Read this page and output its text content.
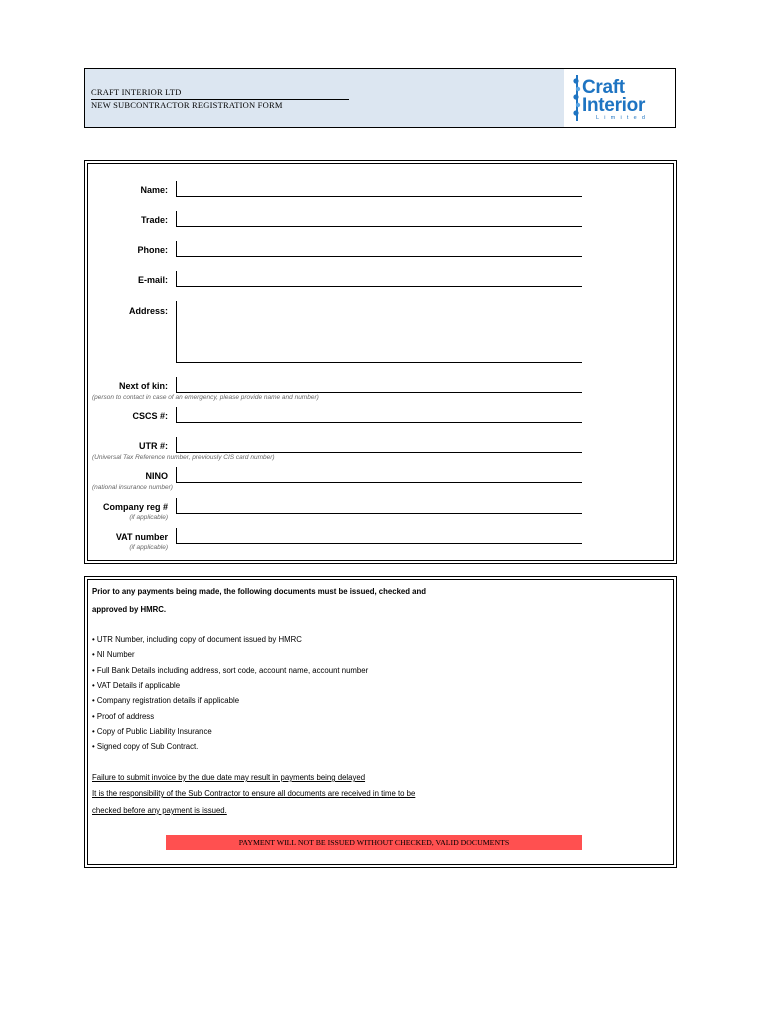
CRAFT INTERIOR LTD
NEW SUBCONTRACTOR REGISTRATION FORM
Craft
Interior
Limited
Name:
Trade:
Phone:
E-mail:
Address:
Next of kin:
(person to contact in case of an emergency, please provide name and number)
CSCS #:
UTR #:
(Universal Tax Reference number, previously CIS card number)
NINO
(national insurance number)
Company reg #
(if applicable)
VAT number
(if applicable)
Prior to any payments being made, the following documents must be issued, checked and
approved by HMRC.
• UTR Number, including copy of document issued by HMRC
• NI Number
• Full Bank Details including address, sort code, account name, account number
• VAT Details if applicable
• Company registration details if applicable
• Proof of address
• Copy of Public Liability Insurance
• Signed copy of Sub Contract.
Failure to submit invoice by the due date may result in payments being delayed
It is the responsibility of the Sub Contractor to ensure all documents are received in time to be
checked before any payment is issued.
PAYMENT WILL NOT BE ISSUED WITHOUT CHECKED, VALID DOCUMENTS
